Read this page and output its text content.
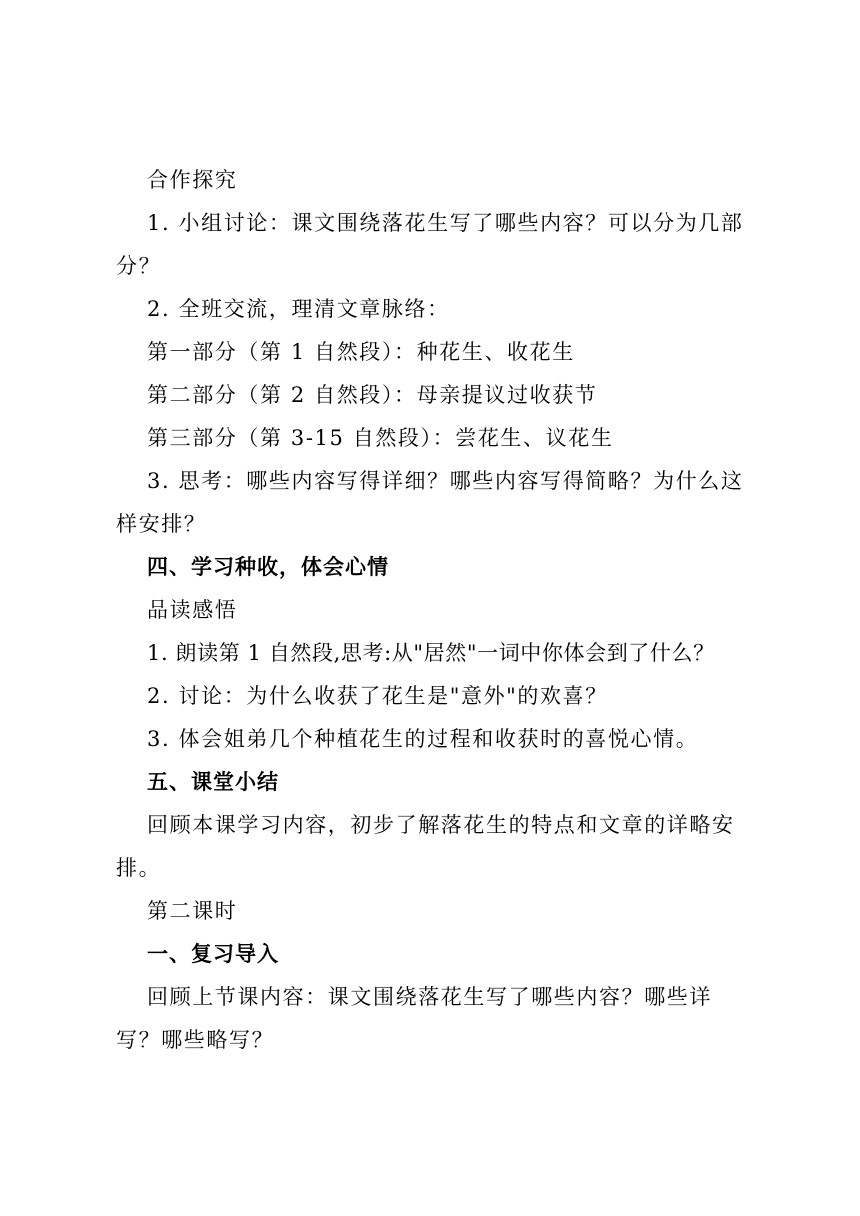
合作探究

1. 小组讨论：课文围绕落花生写了哪些内容？可以分为几部分？

2. 全班交流，理清文章脉络：

第一部分（第 1 自然段）：种花生、收花生

第二部分（第 2 自然段）：母亲提议过收获节

第三部分（第 3-15 自然段）：尝花生、议花生

3. 思考：哪些内容写得详细？哪些内容写得简略？为什么这样安排？

四、学习种收，体会心情

品读感悟

1. 朗读第 1 自然段,思考:从"居然"一词中你体会到了什么？

2. 讨论：为什么收获了花生是"意外"的欢喜？

3. 体会姐弟几个种植花生的过程和收获时的喜悦心情。

五、课堂小结

回顾本课学习内容，初步了解落花生的特点和文章的详略安排。

第二课时

一、复习导入

回顾上节课内容：课文围绕落花生写了哪些内容？哪些详写？哪些略写？
